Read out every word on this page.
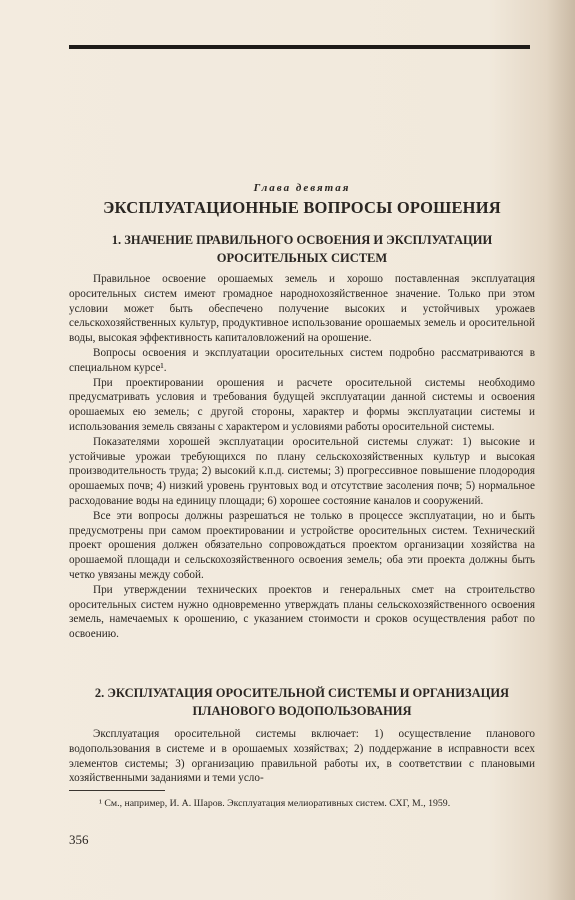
Глава девятая
ЭКСПЛУАТАЦИОННЫЕ ВОПРОСЫ ОРОШЕНИЯ
1. ЗНАЧЕНИЕ ПРАВИЛЬНОГО ОСВОЕНИЯ И ЭКСПЛУАТАЦИИ ОРОСИТЕЛЬНЫХ СИСТЕМ

Правильное освоение орошаемых земель и хорошо поставленная эксплуатация оросительных систем имеют громадное народнохозяйственное значение. Только при этом условии может быть обеспечено получение высоких и устойчивых урожаев сельскохозяйственных культур, продуктивное использование орошаемых земель и оросительной воды, высокая эффективность капиталовложений на орошение.

Вопросы освоения и эксплуатации оросительных систем подробно рассматриваются в специальном курсе¹.

При проектировании орошения и расчете оросительной системы необходимо предусматривать условия и требования будущей эксплуатации данной системы и освоения орошаемых ею земель; с другой стороны, характер и формы эксплуатации системы и использования земель связаны с характером и условиями работы оросительной системы.

Показателями хорошей эксплуатации оросительной системы служат: 1) высокие и устойчивые урожаи требующихся по плану сельскохозяйственных культур и высокая производительность труда; 2) высокий к.п.д. системы; 3) прогрессивное повышение плодородия орошаемых почв; 4) низкий уровень грунтовых вод и отсутствие засоления почв; 5) нормальное расходование воды на единицу площади; 6) хорошее состояние каналов и сооружений.

Все эти вопросы должны разрешаться не только в процессе эксплуатации, но и быть предусмотрены при самом проектировании и устройстве оросительных систем. Технический проект орошения должен обязательно сопровождаться проектом организации хозяйства на орошаемой площади и сельскохозяйственного освоения земель; оба эти проекта должны быть четко увязаны между собой.

При утверждении технических проектов и генеральных смет на строительство оросительных систем нужно одновременно утверждать планы сельскохозяйственного освоения земель, намечаемых к орошению, с указанием стоимости и сроков осуществления работ по освоению.

2. ЭКСПЛУАТАЦИЯ ОРОСИТЕЛЬНОЙ СИСТЕМЫ И ОРГАНИЗАЦИЯ ПЛАНОВОГО ВОДОПОЛЬЗОВАНИЯ

Эксплуатация оросительной системы включает: 1) осуществление планового водопользования в системе и в орошаемых хозяйствах; 2) поддержание в исправности всех элементов системы; 3) организацию правильной работы их, в соответствии с плановыми хозяйственными заданиями и теми усло-

¹ См., например, И. А. Шаров. Эксплуатация мелиоративных систем. СХГ, М., 1959.
356
